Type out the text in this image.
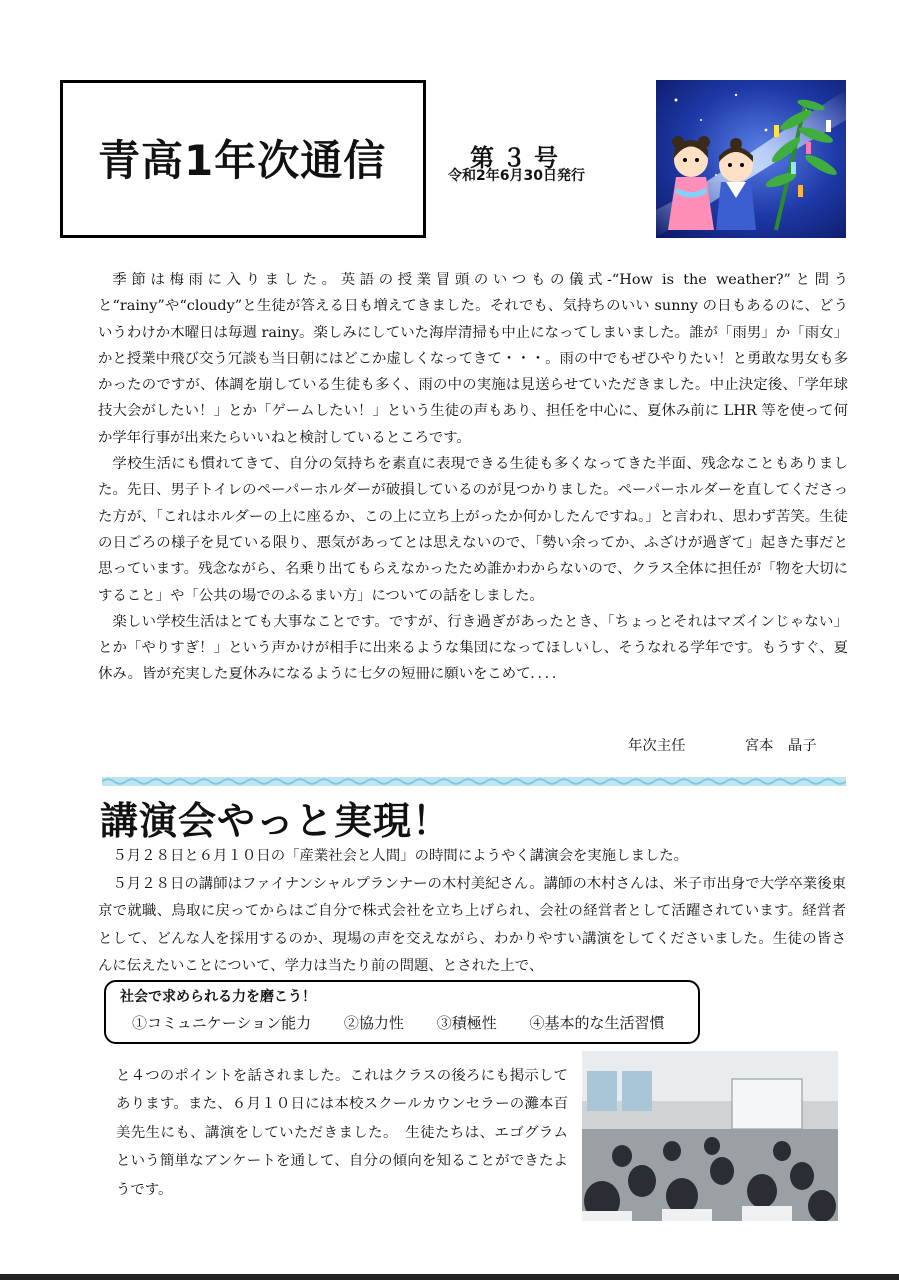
青高1年次通信	第３号
令和2年6月30日発行

季節は梅雨に入りました。英語の授業冒頭のいつもの儀式-“How is the weather?”と問うと“rainy”や“cloudy”と生徒が答える日も増えてきました。それでも、気持ちのいい sunny の日もあるのに、どういうわけか木曜日は毎週 rainy。楽しみにしていた海岸清掃も中止になってしまいました。誰が「雨男」か「雨女」かと授業中飛び交う冗談も当日朝にはどこか虚しくなってきて・・・。雨の中でもぜひやりたい！と勇敢な男女も多かったのですが、体調を崩している生徒も多く、雨の中の実施は見送らせていただきました。中止決定後、「学年球技大会がしたい！」とか「ゲームしたい！」という生徒の声もあり、担任を中心に、夏休み前に LHR 等を使って何か学年行事が出来たらいいねと検討しているところです。

学校生活にも慣れてきて、自分の気持ちを素直に表現できる生徒も多くなってきた半面、残念なこともありました。先日、男子トイレのペーパーホルダーが破損しているのが見つかりました。ペーパーホルダーを直してくださった方が、「これはホルダーの上に座るか、この上に立ち上がったか何かしたんですね。」と言われ、思わず苦笑。生徒の日ごろの様子を見ている限り、悪気があってとは思えないので、「勢い余ってか、ふざけが過ぎて」起きた事だと思っています。残念ながら、名乗り出てもらえなかったため誰かわからないので、クラス全体に担任が「物を大切にすること」や「公共の場でのふるまい方」についての話をしました。

楽しい学校生活はとても大事なことです。ですが、行き過ぎがあったとき、「ちょっとそれはマズインじゃない」とか「やりすぎ！」という声かけが相手に出来るような集団になってほしいし、そうなれる学年です。もうすぐ、夏休み。皆が充実した夏休みになるように七夕の短冊に願いをこめて．．．．

年次主任	宮本　晶子
講演会やっと実現！

５月２８日と６月１０日の「産業社会と人間」の時間にようやく講演会を実施しました。

５月２８日の講師はファイナンシャルプランナーの木村美紀さん。講師の木村さんは、米子市出身で大学卒業後東京で就職、鳥取に戻ってからはご自分で株式会社を立ち上げられ、会社の経営者として活躍されています。経営者として、どんな人を採用するのか、現場の声を交えながら、わかりやすい講演をしてくださいました。生徒の皆さんに伝えたいことについて、学力は当たり前の問題、とされた上で、

社会で求められる力を磨こう！
①コミュニケーション能力 ②協力性 ③積極性 ④基本的な生活習慣

と４つのポイントを話されました。これはクラスの後ろにも掲示してあります。また、６月１０日には本校スクールカウンセラーの灘本百美先生にも、講演をしていただきました。　生徒たちは、エゴグラムという簡単なアンケートを通して、自分の傾向を知ることができたようです。
